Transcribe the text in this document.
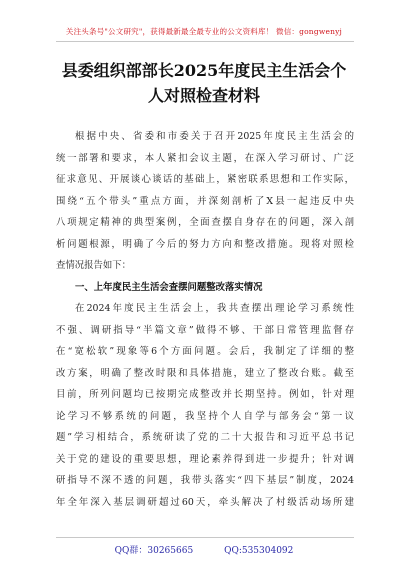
关注头条号"公文研究"，获得最新最全最专业的公文资料库！ 微信：gongwenyj
县委组织部部长2025年度民主生活会个
人对照检查材料
根据中央、省委和市委关于召开2025年度民主生活会的
统一部署和要求，本人紧扣会议主题，在深入学习研讨、广泛
征求意见、开展谈心谈话的基础上，紧密联系思想和工作实际，
围绕“五个带头”重点方面，并深刻剖析了X县一起违反中央
八项规定精神的典型案例，全面查摆自身存在的问题，深入剖
析问题根源，明确了今后的努力方向和整改措施。现将对照检
查情况报告如下：
一、上年度民主生活会查摆问题整改落实情况
在2024年度民主生活会上，我共查摆出理论学习系统性
不强、调研指导“半篇文章”做得不够、干部日常管理监督存
在“宽松软”现象等6个方面问题。会后，我制定了详细的整
改方案，明确了整改时限和具体措施，建立了整改台账。截至
目前，所列问题均已按期完成整改并长期坚持。例如，针对理
论学习不够系统的问题，我坚持个人自学与部务会“第一议
题”学习相结合，系统研读了党的二十大报告和习近平总书记
关于党的建设的重要思想，理论素养得到进一步提升；针对调
研指导不深不透的问题，我带头落实“四下基层”制度，2024
年全年深入基层调研超过60天，牵头解决了村级活动场所建
QQ群：30265665	QQ:535304092
